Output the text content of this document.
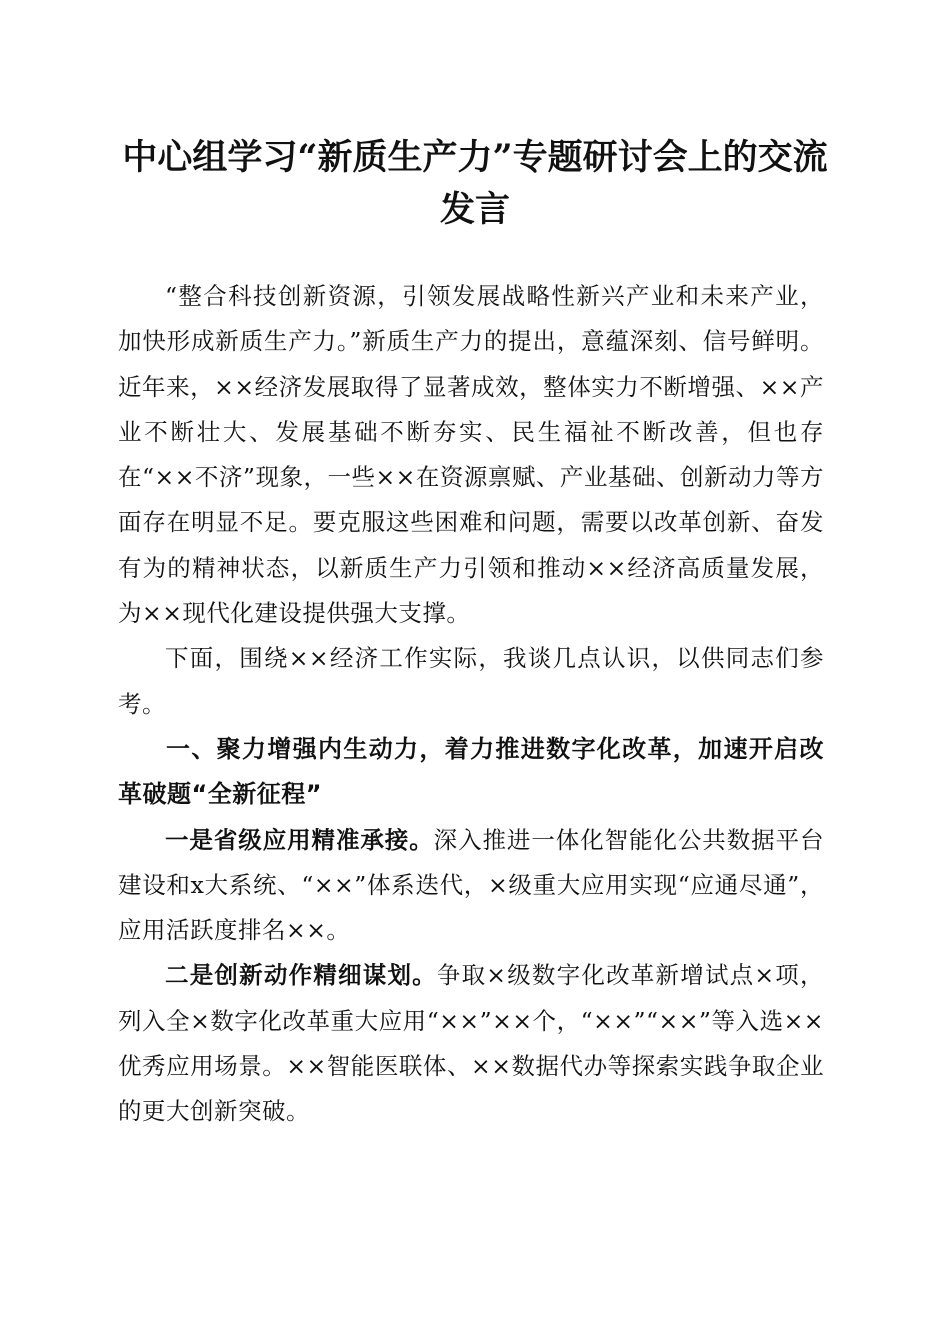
中心组学习“新质生产力”专题研讨会上的交流发言

“整合科技创新资源，引领发展战略性新兴产业和未来产业，加快形成新质生产力。”新质生产力的提出，意蕴深刻、信号鲜明。近年来，××经济发展取得了显著成效，整体实力不断增强、××产业不断壮大、发展基础不断夯实、民生福祉不断改善，但也存在“××不济”现象，一些××在资源禀赋、产业基础、创新动力等方面存在明显不足。要克服这些困难和问题，需要以改革创新、奋发有为的精神状态，以新质生产力引领和推动××经济高质量发展，为××现代化建设提供强大支撑。

下面，围绕××经济工作实际，我谈几点认识，以供同志们参考。

一、聚力增强内生动力，着力推进数字化改革，加速开启改革破题“全新征程”

一是省级应用精准承接。深入推进一体化智能化公共数据平台建设和x大系统、“××”体系迭代，×级重大应用实现“应通尽通”，应用活跃度排名××。

二是创新动作精细谋划。争取×级数字化改革新增试点×项，列入全×数字化改革重大应用“××”××个，“××”“××”等入选××优秀应用场景。××智能医联体、××数据代办等探索实践争取企业的更大创新突破。
